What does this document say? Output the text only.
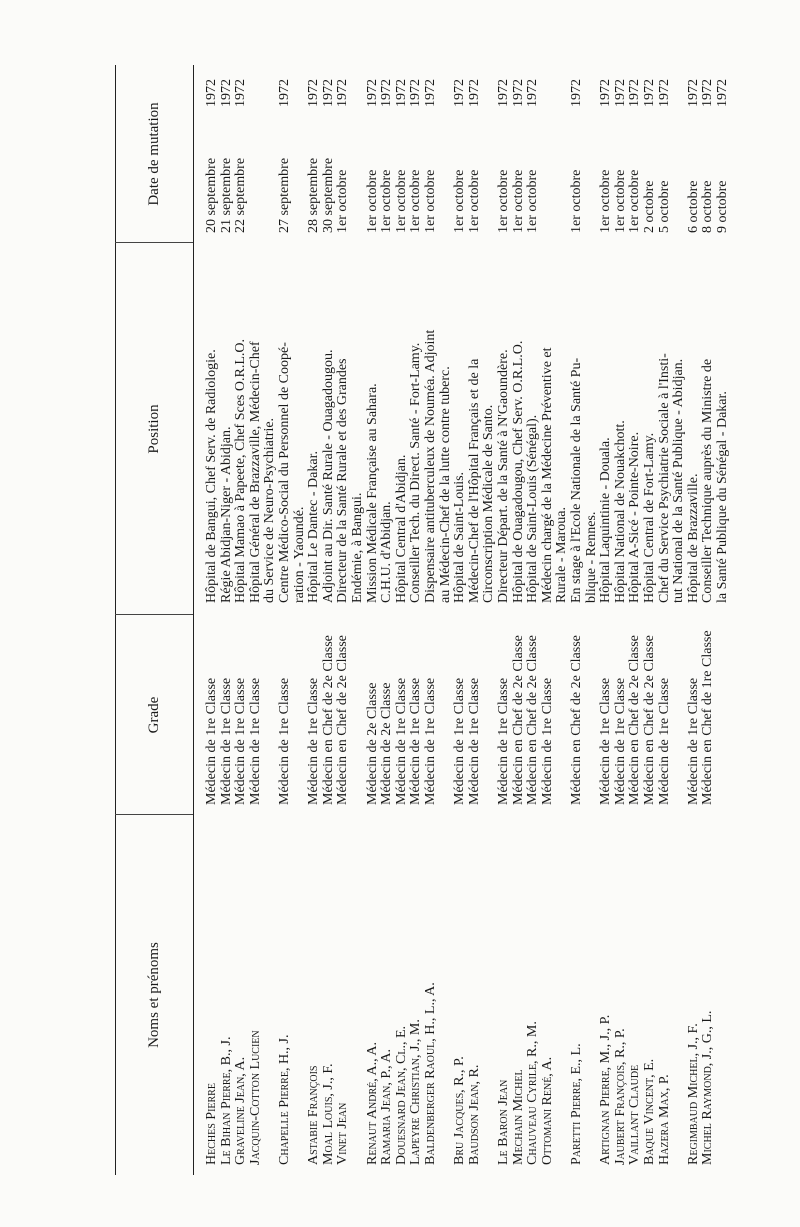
Noms et prénoms
Grade
Position
Date de mutation
Heches Pierre
Médecin de 1re Classe
Hôpital de Bangui, Chef Serv. de Radiologie.
20 septembre
1972
Le Bihan Pierre, B., J.
Médecin de 1re Classe
Régie Abidjan-Niger - Abidjan.
21 septembre
1972
Graveline Jean, A.
Médecin de 1re Classe
Hôpital Mamao à Papeete, Chef Sces O.R.L.O.
22 septembre
1972
Jacquin-Cotton Lucien
Médecin de 1re Classe
Hôpital Général de Brazzaville, Médecin-Chef du Service de Neuro-Psychiatrie.
Chapelle Pierre, H., J.
Médecin de 1re Classe
Centre Médico-Social du Personnel de Coopé-
27 septembre
1972
ration - Yaoundé.
Astabie François
Médecin de 1re Classe
Hôpital Le Dantec - Dakar.
28 septembre
1972
Moal Louis, J., F.
Médecin en Chef de 2e Classe
Adjoint au Dir. Santé Rurale - Ouagadougou.
30 septembre
1972
Vinet Jean
Médecin en Chef de 2e Classe
Directeur de la Santé Rurale et des Grandes
1er octobre
1972
Endémie, à Bangui.
Renaut André, A., A.
Médecin de 2e Classe
Mission Médicale Française au Sahara.
1er octobre
1972
Ramaria Jean, P., A.
Médecin de 2e Classe
C.H.U. d'Abidjan.
1er octobre
1972
Douesnard Jean, Cl., E.
Médecin de 1re Classe
Hôpital Central d'Abidjan.
1er octobre
1972
Lapeyre Christian, J., M.
Médecin de 1re Classe
Conseiller Tech. du Direct. Santé - Fort-Lamy.
1er octobre
1972
Baldenberger Raoul, H., L., A.
Médecin de 1re Classe
Dispensaire antituberculeux de Nouméa. Adjoint
1er octobre
1972
au Médecin-Chef de la lutte contre tuberc.
Bru Jacques, R., P.
Médecin de 1re Classe
Hôpital de Saint-Louis.
1er octobre
1972
Baudson Jean, R.
Médecin de 1re Classe
Médecin-Chef de l'Hôpital Français et de la
1er octobre
1972
Circonscription Médicale de Santo.
Le Baron Jean
Médecin de 1re Classe
Directeur Départ. de la Santé à N'Gaoundère.
1er octobre
1972
Mechain Michel
Médecin en Chef de 2e Classe
Hôpital de Ouagadougou, Chef Serv. O.R.L.O.
1er octobre
1972
Chauveau Cyrile, R., M.
Médecin en Chef de 2e Classe
Hôpital de Saint-Louis (Sénégal).
1er octobre
1972
Ottomani René, A.
Médecin de 1re Classe
Médecin chargé de la Médecine Préventive et Rurale - Maroua.
Paretti Pierre, E., L.
Médecin en Chef de 2e Classe
En stage à l'Ecole Nationale de la Santé Pu-
1er octobre
1972
blique - Rennes.
Artignan Pierre, M., J., P.
Médecin de 1re Classe
Hôpital Laquintinie - Douala.
1er octobre
1972
Jaubert François, R., P.
Médecin de 1re Classe
Hôpital National de Nouakchott.
1er octobre
1972
Vaillant Claude
Médecin en Chef de 2e Classe
Hôpital A-Sicé - Pointe-Noire.
1er octobre
1972
Baque Vincent, E.
Médecin en Chef de 2e Classe
Hôpital Central de Fort-Lamy.
2 octobre
1972
Hazera Max, P.
Médecin de 1re Classe
Chef du Service Psychiatrie Sociale à l'Insti-
5 octobre
1972
tut National de la Santé Publique - Abidjan.
Regimbaud Michel, J., F.
Médecin de 1re Classe
Hôpital de Brazzaville.
6 octobre
1972
Michel Raymond, J., G., L.
Médecin en Chef de 1re Classe
Conseiller Technique auprès du Ministre de
8 octobre
1972
la Santé Publique du Sénégal - Dakar.
9 octobre
1972
